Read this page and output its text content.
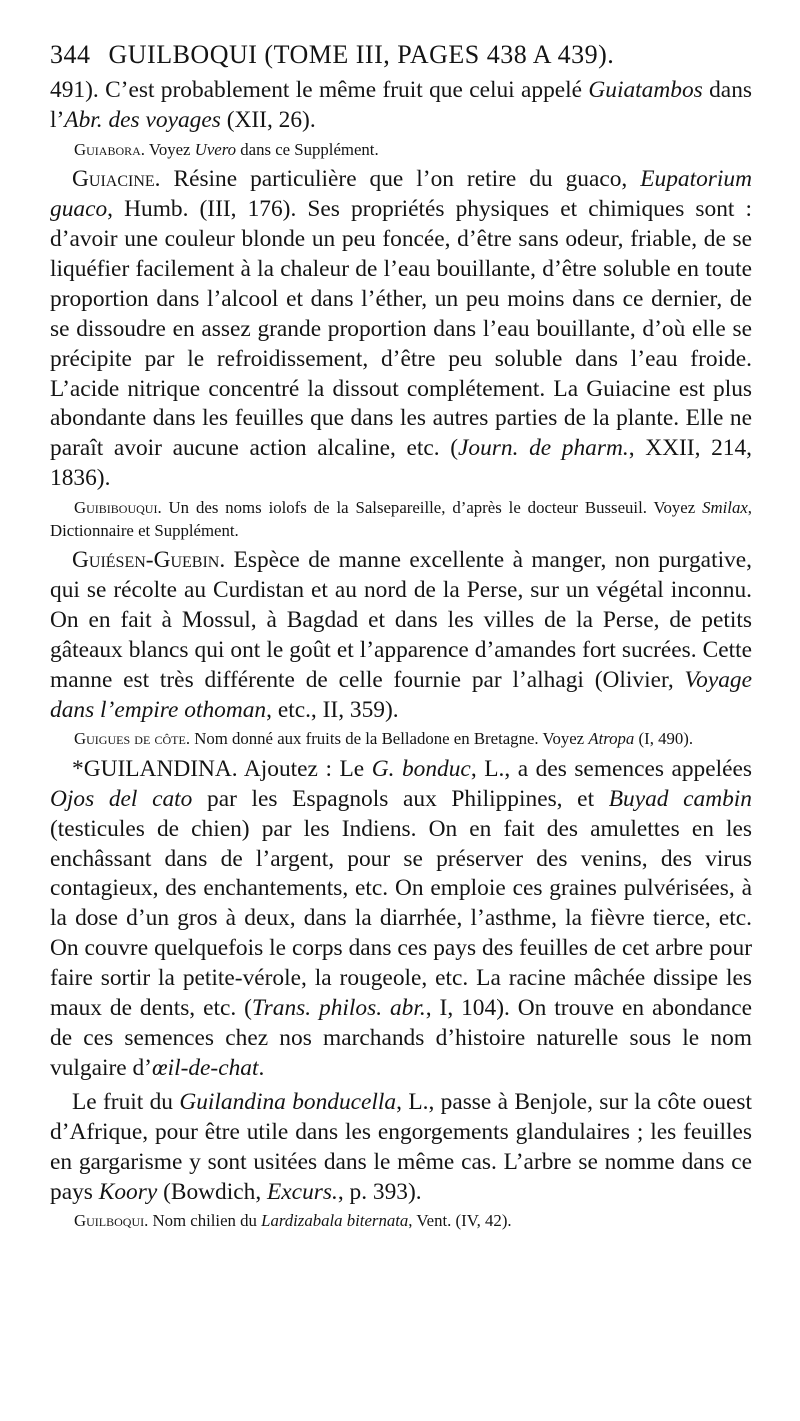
344 GUILBOQUI (TOME III, PAGES 438 A 439).

491). C’est probablement le même fruit que celui appelé Guiatambos dans l’Abr. des voyages (XII, 26).

Guiabora. Voyez Uvero dans ce Supplément.

Guiacine. Résine particulière que l’on retire du guaco, Eupatorium guaco, Humb. (III, 176). Ses propriétés physiques et chimiques sont : d’avoir une couleur blonde un peu foncée, d’être sans odeur, friable, de se liquéfier facilement à la chaleur de l’eau bouillante, d’être soluble en toute proportion dans l’alcool et dans l’éther, un peu moins dans ce dernier, de se dissoudre en assez grande proportion dans l’eau bouillante, d’où elle se précipite par le refroidissement, d’être peu soluble dans l’eau froide. L’acide nitrique concentré la dissout complétement. La Guiacine est plus abondante dans les feuilles que dans les autres parties de la plante. Elle ne paraît avoir aucune action alcaline, etc. (Journ. de pharm., XXII, 214, 1836).

Guibibouqui. Un des noms iolofs de la Salsepareille, d’après le docteur Busseuil. Voyez Smilax, Dictionnaire et Supplément.

Guiésen-Guebin. Espèce de manne excellente à manger, non purgative, qui se récolte au Curdistan et au nord de la Perse, sur un végétal inconnu. On en fait à Mossul, à Bagdad et dans les villes de la Perse, de petits gâteaux blancs qui ont le goût et l’apparence d’amandes fort sucrées. Cette manne est très différente de celle fournie par l’alhagi (Olivier, Voyage dans l’empire othoman, etc., II, 359).

Guigues de côte. Nom donné aux fruits de la Belladone en Bretagne. Voyez Atropa (I, 490).

*GUILANDINA. Ajoutez : Le G. bonduc, L., a des semences appelées Ojos del cato par les Espagnols aux Philippines, et Buyad cambin (testicules de chien) par les Indiens. On en fait des amulettes en les enchâssant dans de l’argent, pour se préserver des venins, des virus contagieux, des enchantements, etc. On emploie ces graines pulvérisées, à la dose d’un gros à deux, dans la diarrhée, l’asthme, la fièvre tierce, etc. On couvre quelquefois le corps dans ces pays des feuilles de cet arbre pour faire sortir la petite-vérole, la rougeole, etc. La racine mâchée dissipe les maux de dents, etc. (Trans. philos. abr., I, 104). On trouve en abondance de ces semences chez nos marchands d’histoire naturelle sous le nom vulgaire d’œil-de-chat.

Le fruit du Guilandina bonducella, L., passe à Benjole, sur la côte ouest d’Afrique, pour être utile dans les engorgements glandulaires ; les feuilles en gargarisme y sont usitées dans le même cas. L’arbre se nomme dans ce pays Koory (Bowdich, Excurs., p. 393).

Guilboqui. Nom chilien du Lardizabala biternata, Vent. (IV, 42).
